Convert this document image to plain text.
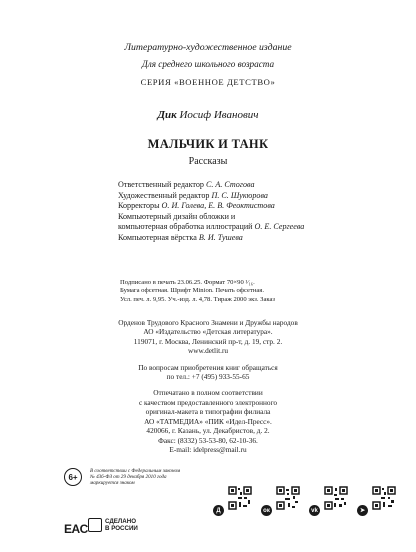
Литературно-художественное издание
Для среднего школьного возраста
СЕРИЯ «ВОЕННОЕ ДЕТСТВО»
Дик Иосиф Иванович
МАЛЬЧИК И ТАНК
Рассказы
Ответственный редактор С. А. Стогова
Художественный редактор П. С. Шукюрова
Корректоры О. И. Голева, Е. В. Феоктистова
Компьютерный дизайн обложки и
компьютерная обработка иллюстраций О. Е. Сергеева
Компьютерная вёрстка В. И. Тушева
Подписано в печать 23.06.25. Формат 70×90 ¹⁄₁₆.
Бумага офсетная. Шрифт Minion. Печать офсетная.
Усл. печ. л. 9,95. Уч.-изд. л. 4,78. Тираж 2000 экз. Заказ
Орденов Трудового Красного Знамени и Дружбы народов
АО «Издательство «Детская литература».
119071, г. Москва, Ленинский пр-т, д. 19, стр. 2.
www.detlit.ru
По вопросам приобретения книг обращаться
по тел.: +7 (495) 933-55-65
Отпечатано в полном соответствии
с качеством предоставленного электронного
оригинал-макета в типографии филиала
АО «ТАТМЕДИА» «ПИК «Идел-Пресс».
420066, г. Казань, ул. Декабристов, д. 2.
Факс: (8332) 53-53-80, 62-10-36.
E-mail: idelpress@mail.ru
6+
В соответствии с Федеральным законом
№ 436-ФЗ от 29 декабря 2010 года
маркируется знаком
EAC
СДЕЛАНО
В РОССИИ
Д	ок	vk	➤
